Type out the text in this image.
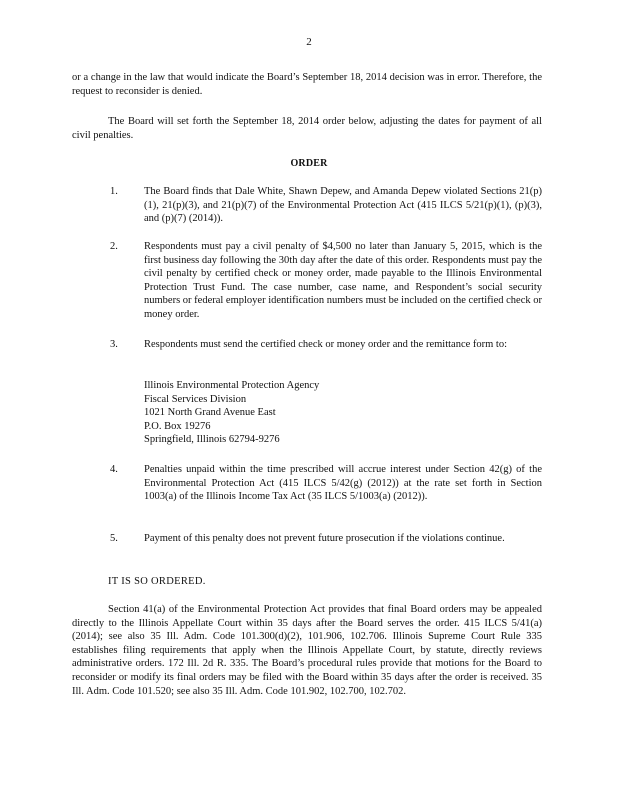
2

or a change in the law that would indicate the Board’s September 18, 2014 decision was in error. Therefore, the request to reconsider is denied.

The Board will set forth the September 18, 2014 order below, adjusting the dates for payment of all civil penalties.

ORDER
1.	The Board finds that Dale White, Shawn Depew, and Amanda Depew violated Sections 21(p)(1), 21(p)(3), and 21(p)(7) of the Environmental Protection Act (415 ILCS 5/21(p)(1), (p)(3), and (p)(7) (2014)).

2.	Respondents must pay a civil penalty of $4,500 no later than January 5, 2015, which is the first business day following the 30th day after the date of this order. Respondents must pay the civil penalty by certified check or money order, made payable to the Illinois Environmental Protection Trust Fund. The case number, case name, and Respondent’s social security numbers or federal employer identification numbers must be included on the certified check or money order.

3.	Respondents must send the certified check or money order and the remittance form to:

Illinois Environmental Protection Agency
Fiscal Services Division
1021 North Grand Avenue East
P.O. Box 19276
Springfield, Illinois 62794-9276
4.	Penalties unpaid within the time prescribed will accrue interest under Section 42(g) of the Environmental Protection Act (415 ILCS 5/42(g) (2012)) at the rate set forth in Section 1003(a) of the Illinois Income Tax Act (35 ILCS 5/1003(a) (2012)).

5.	Payment of this penalty does not prevent future prosecution if the violations continue.

IT IS SO ORDERED.

Section 41(a) of the Environmental Protection Act provides that final Board orders may be appealed directly to the Illinois Appellate Court within 35 days after the Board serves the order. 415 ILCS 5/41(a) (2014); see also 35 Ill. Adm. Code 101.300(d)(2), 101.906, 102.706. Illinois Supreme Court Rule 335 establishes filing requirements that apply when the Illinois Appellate Court, by statute, directly reviews administrative orders. 172 Ill. 2d R. 335. The Board’s procedural rules provide that motions for the Board to reconsider or modify its final orders may be filed with the Board within 35 days after the order is received. 35 Ill. Adm. Code 101.520; see also 35 Ill. Adm. Code 101.902, 102.700, 102.702.
